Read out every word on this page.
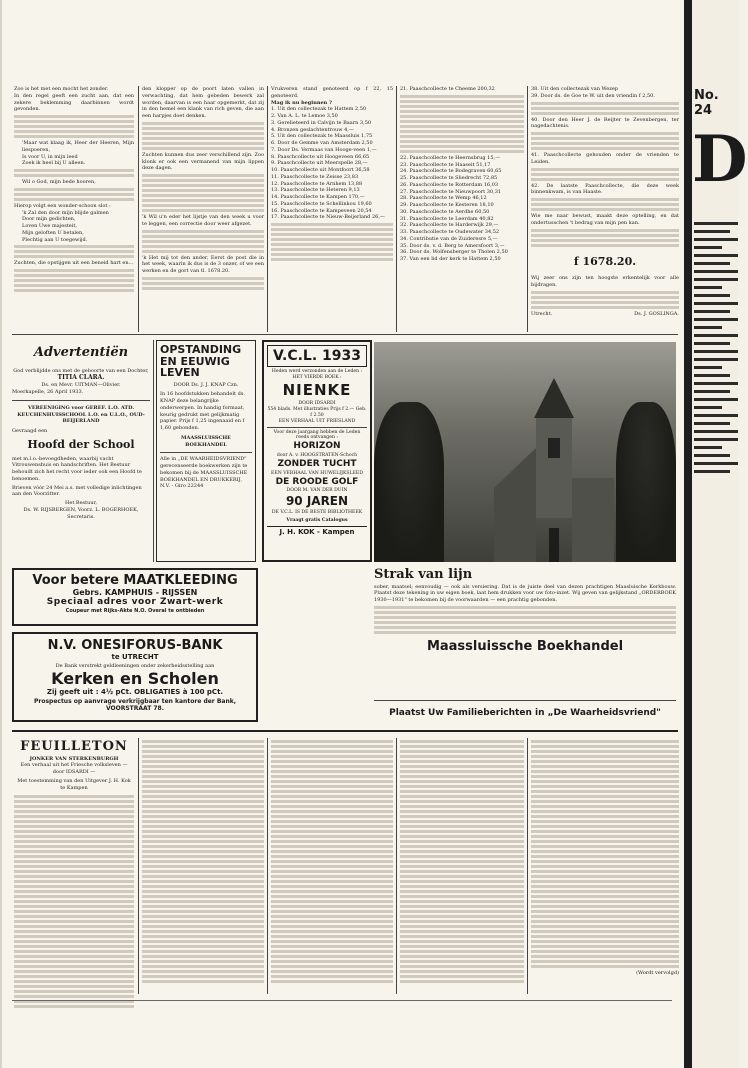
Zoo is het met een mocht het zonder.
In den regel geeft een zucht aan, dat een zekere beklemming daarbinnen wordt gevonden.
'Maar wat klaag ik, Heer der Heeren, Mijn liespoeren,
Is voor U, in mijn leed
Zoek ik heel bij U alleen.
Wil o God, mijn bede hooren,
Hierop volgt een wonder-schoon slot :
'k Zal den door mijn blijde galmen
Door mijn gedichten,
Loven Uwe majesteit,
Mijn geloften U betalen,
Plechtig aan U toegewijd.
Zuchten, die opstijgen uit een beneid hart en...
den klopper op de poort laten vallen in verwachting, dat hem gebeden bewerk zal worden, daarvan is een haar opgemerkt, dat zij in den hemel een klank van rich geven, die aan een harpjes doet denken.
Zuchten kunnen dus zeer verschillend zijn. Zoo klonk er ook een vermanend van mijn lippen deze dagen.
'k Wil u'n eder het lijstje van den week u voor te leggen, een correctie door weer afgezet.
'k Het mij tot den ander, Eerst de post die in het week, waarin ik dus is de 3 onzer, of we een werken en de gort van tl. 1678.20.
Vrukveren stand genoteerd op f 22, 15 genoteerd.
Mag ik nu beginnen ?
1. Uit den collectezak te Hattem 2,50
2. Van A. L. te Lemoe 3,50
3. Gerelieteerd in Calvijn te Baarn 3,50
4. Bronzen geslachtentrouw 4,—
5. Uit den collectezak te Maassluis 1,75
6. Door de Gemme van Amsterdam 2,50
7. Door Ds. Vermaas van Hooge-veen 1,—
8. Paaschcollecte uit Hoogeveen 66,65
9. Paaschcollecte uit Meerspelle 28,—
10. Paaschcollecte uit Montfoort 36,58
11. Paaschcollecte te Zeisse 23,83
12. Paaschcollecte te Arnhem 13,88
13. Paaschcollecte te Heteren 9,13
14. Paaschcollecte te Kampen 170,—
15. Paaschcollecte te Schellinkou 19,60
16. Paaschcollecte te Kampeveen 20,54
17. Paaschcollecte te Nieuw-Beijerland 26,—
21. Paaschcollecte te Cheeme 200,32
22. Paaschcollecte te Heernsbrug 15,—
23. Paaschcollecte te Haaseit 51,17
24. Paaschcollecte te Bodegraven 60,65
25. Paaschcollecte te Sliedrecht 72,85
26. Paaschcollecte te Rotterdam 16,03
27. Paaschcollecte te Nieuwpoort 30,31
28. Paaschcollecte te Wemp 46,12
29. Paaschcollecte te Kesteren 18,10
30. Paaschcollecte te Aerdhe 60,50
31. Paaschcollecte te Leerdam 40,82
32. Paaschcollecte te Harderwijk 29,—
33. Paaschcollecte te Oudewater 34,52
34. Contributie van de Zuideresre 5,—
35. Door ds. v. d. Berg te Amersfoort 3,—
36. Door ds. Wolfensberger te Tholen 2,50
37. Van een lid der kerk te Hattem 2,50
38. Uit den collectezak van Wezep
39. Door ds. de Goe te W. uit den vriendin f 2,50.
40. Door den Heer J. de Reijter te Zevenbergen, ter nagedachtenis.
41. Paaschcollecte gehouden onder de vrienden te Leiden.
42. De laatste Paaschcollecte, die deze week binnenkwam, is van Haaste.
Wie me naar bewust, maakt deze optelling, en dat ondertusschen 't bedrag van mijn pen kan.
f 1678.20.
Wij zeer ons zijn ten hoogste erkentelijk voor alle bijdragen.
Utrecht.	Ds. J. GOSLINGA.
Advertentiën
God verblijdde ons met de geboorte van een Dochter,
TITIA CLARA.
Ds. en Mevr. UITMAN—Olivier.
Moerkapelle, 26 April 1933.
VEREENIGING voor GEREF. L.O. ATD. KEUCHENHUISSCHOOL L.O. en U.L.O., OUD-BEIJERLAND
Gevraagd een
Hoofd der School
met m.l.o.-bevoegdheden, waarbij vacht Vitrouwenshuis en handschriften. Het Bestuur behoudt zich het recht voor ieder ook een Hoofd te benoemen.
Brieven vóór 24 Mei a.s. met volledige inlichtingen aan den Voorzitter.
Het Bestuur,
Ds. W. RIJSBERGEN, Voorz. L. BOGERHOEK, Secretaris.
OPSTANDING EN EEUWIG LEVEN
DOOR Ds. J. J. KNAP Czn.
In 16 hoofdstukken behandelt ds. KNAP deze belangrijke onderwerpen. In handig formaat, keurig gedrukt met gelijkmatig papier. Prijs f 1,25 ingenaaid en f 1,60 gebonden.
MAASSLUISSCHE BOEKHANDEL
Alle in „DE WAARHEIDSVRIEND" gerecenseerde boekwerken zijn te bekomen bij de MAASSLUISSCHE BOEKHANDEL EN DRUKKERIJ, N.V. - Giro 22244
V.C.L. 1933
Heden werd verzonden aan de Leden :
HET VIERDE BOEK :
NIENKE
DOOR IDSARDI
554 blads. Met illustraties Prijs f 2.— Geb. f 2.50
EEN VERHAAL UIT FRIESLAND
Voor deze jaargang hebben de Leden reeds ontvangen :
HORIZON
door A. v. HOOGSTRATEN-Schoch
ZONDER TUCHT
EEN VERHAAL VAN HUWELIJKSLEED
DE ROODE GOLF
DOOR M. VAN DER DUIN
90 JAREN
DE V.C.L. IS DE BESTE BIBLIOTHEEK
Vraagt gratis Catalogus
J. H. KOK - Kampen
Voor betere MAATKLEEDING
Gebrs. KAMPHUIS - RIJSSEN
Speciaal adres voor Zwart-werk
Coupeur met Rijks-Akte N.O. Overal te ontbieden
N.V. ONESIFORUS-BANK
te UTRECHT
De Bank verstrekt geldleeningen onder zekerheidsstelling aan
Kerken en Scholen
Zij geeft uit : 4½ pCt. OBLIGATIES à 100 pCt.
Prospectus op aanvrage verkrijgbaar ten kantore der Bank, VOORSTRAAT 78.
Strak van lijn
sober, maatsel; eenvoudig — ook als versiering. Dat is de juiste deel van dezen prachtigen Maasluische Kerkbouw. Plaatst deze tekening in uw eigen boek, laat hem drukken voor uw foto-inzet. Wij geven van gelijkstand „ORDERBOEK 1930—1931" te bekomen bij de voorwaarden — een prachtig gebonden.
Maassluissche Boekhandel
Plaatst Uw Familieberichten in „De Waarheidsvriend"
FEUILLETON
JONKER VAN STERKENBURGH
Een verhaal uit het Friesche volksleven — door IDSARDI —
Met toestemming van den Uitgever J. H. Kok te Kampen
(Wordt vervolgd)
No. 24
D
